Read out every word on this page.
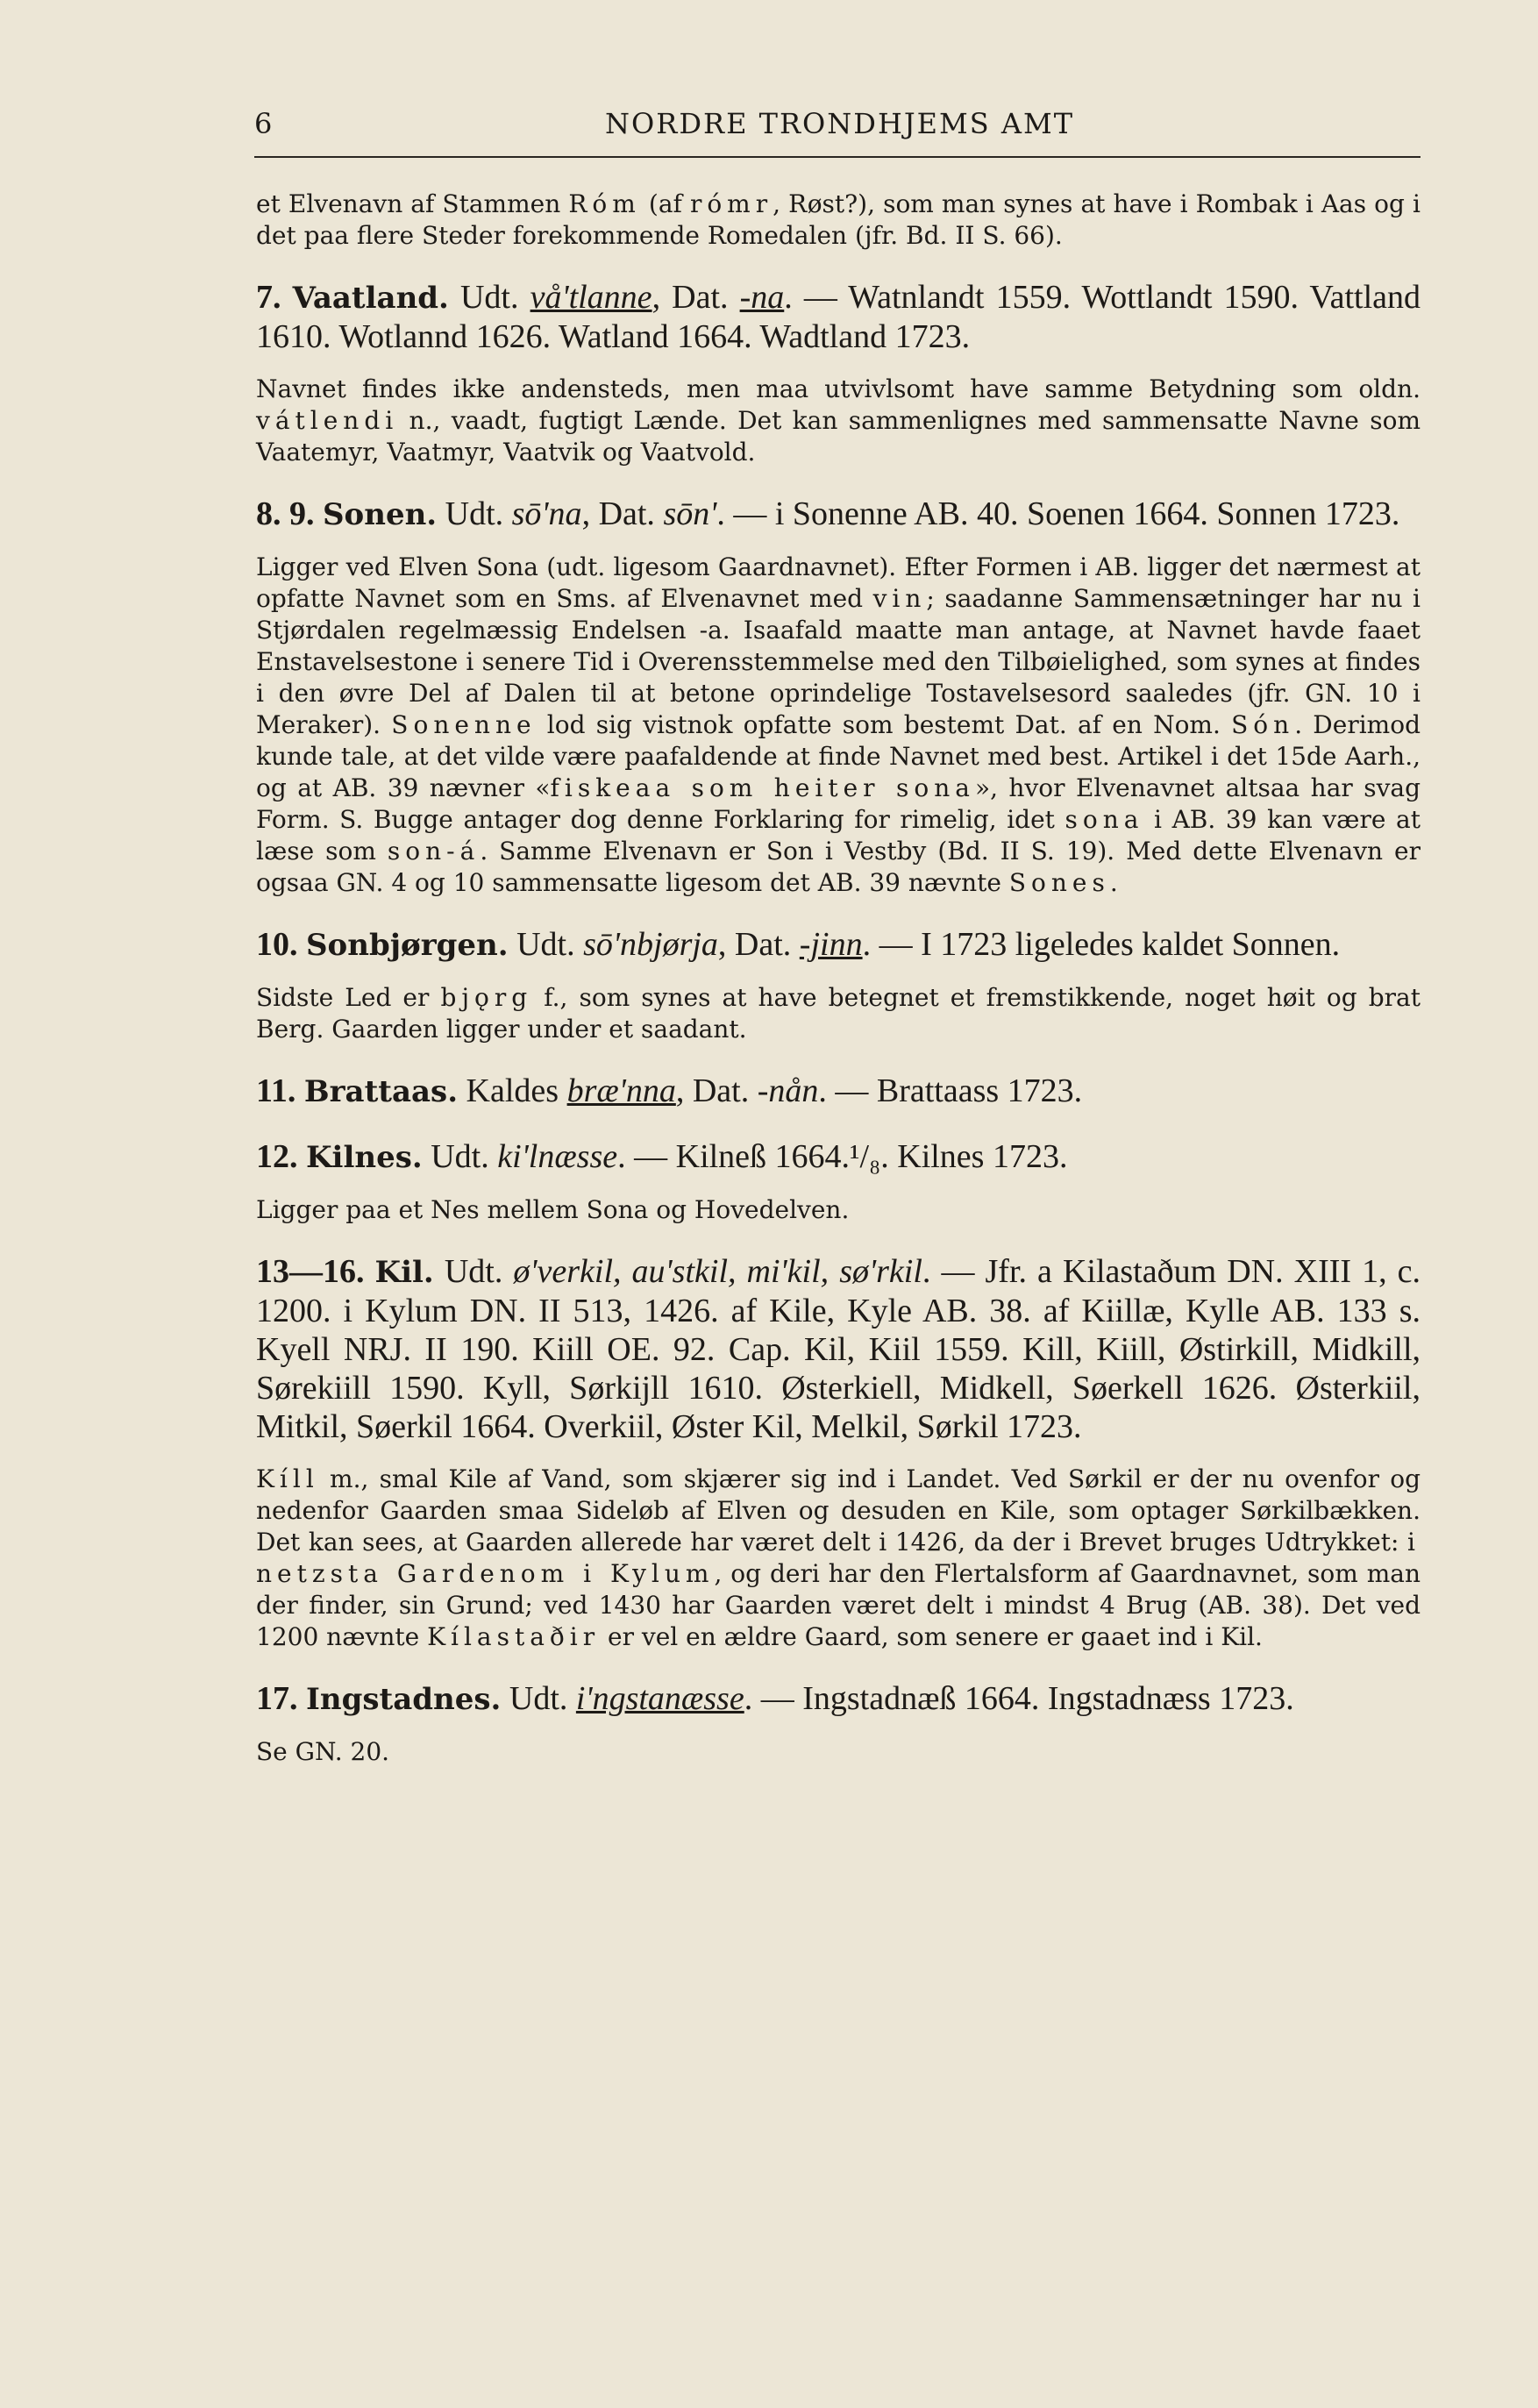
6	NORDRE TRONDHJEMS AMT

et Elvenavn af Stammen Róm (af rómr, Røst?), som man synes at have i Rombak i Aas og i det paa flere Steder forekommende Romedalen (jfr. Bd. II S. 66).

7. Vaatland. Udt. vå'tlanne, Dat. -na. — Watnlandt 1559. Wottlandt 1590. Vattland 1610. Wotlannd 1626. Watland 1664. Wadtland 1723.

Navnet findes ikke andensteds, men maa utvivlsomt have samme Betydning som oldn. vátlendi n., vaadt, fugtigt Lænde. Det kan sammenlignes med sammensatte Navne som Vaatemyr, Vaatmyr, Vaatvik og Vaatvold.

8. 9. Sonen. Udt. sō'na, Dat. sōn'. — i Sonenne AB. 40. Soenen 1664. Sonnen 1723.

Ligger ved Elven Sona (udt. ligesom Gaardnavnet). Efter Formen i AB. ligger det nærmest at opfatte Navnet som en Sms. af Elvenavnet med vin; saadanne Sammensætninger har nu i Stjørdalen regelmæssig Endelsen -a. Isaafald maatte man antage, at Navnet havde faaet Enstavelsestone i senere Tid i Overensstemmelse med den Tilbøielighed, som synes at findes i den øvre Del af Dalen til at betone oprindelige Tostavelsesord saaledes (jfr. GN. 10 i Meraker). Sonenne lod sig vistnok opfatte som bestemt Dat. af en Nom. Són. Derimod kunde tale, at det vilde være paafaldende at finde Navnet med best. Artikel i det 15de Aarh., og at AB. 39 nævner «fiskeaa som heiter sona», hvor Elvenavnet altsaa har svag Form. S. Bugge antager dog denne Forklaring for rimelig, idet sona i AB. 39 kan være at læse som son-á. Samme Elvenavn er Son i Vestby (Bd. II S. 19). Med dette Elvenavn er ogsaa GN. 4 og 10 sammensatte ligesom det AB. 39 nævnte Sones.

10. Sonbjørgen. Udt. sō'nbjørja, Dat. -jinn. — I 1723 ligeledes kaldet Sonnen.

Sidste Led er bjǫrg f., som synes at have betegnet et fremstikkende, noget høit og brat Berg. Gaarden ligger under et saadant.

11. Brattaas. Kaldes bræ'nna, Dat. -nån. — Brattaass 1723.

12. Kilnes. Udt. ki'lnæsse. — Kilneß 1664.¹/₈. Kilnes 1723.

Ligger paa et Nes mellem Sona og Hovedelven.

13—16. Kil. Udt. ø'verkil, au'stkil, mi'kil, sø'rkil. — Jfr. a Kilastaðum DN. XIII 1, c. 1200. i Kylum DN. II 513, 1426. af Kile, Kyle AB. 38. af Kiillæ, Kylle AB. 133 s. Kyell NRJ. II 190. Kiill OE. 92. Cap. Kil, Kiil 1559. Kill, Kiill, Østirkill, Midkill, Sørekiill 1590. Kyll, Sørkijll 1610. Østerkiell, Midkell, Søerkell 1626. Østerkiil, Mitkil, Søerkil 1664. Overkiil, Øster Kil, Melkil, Sørkil 1723.

Kíll m., smal Kile af Vand, som skjærer sig ind i Landet. Ved Sørkil er der nu ovenfor og nedenfor Gaarden smaa Sideløb af Elven og desuden en Kile, som optager Sørkilbækken. Det kan sees, at Gaarden allerede har været delt i 1426, da der i Brevet bruges Udtrykket: i netzsta Gardenom i Kylum, og deri har den Flertalsform af Gaardnavnet, som man der finder, sin Grund; ved 1430 har Gaarden været delt i mindst 4 Brug (AB. 38). Det ved 1200 nævnte Kílastaðir er vel en ældre Gaard, som senere er gaaet ind i Kil.

17. Ingstadnes. Udt. i'ngstanæsse. — Ingstadnæß 1664. Ingstadnæss 1723.

Se GN. 20.
